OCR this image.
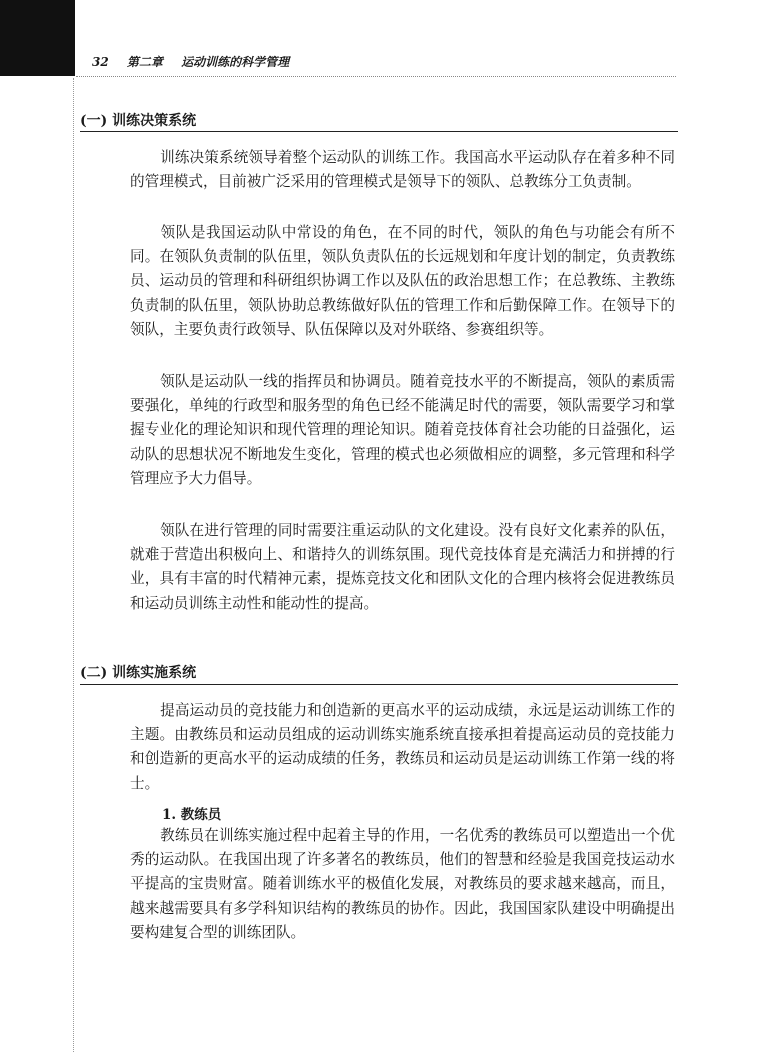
32 第二章 运动训练的科学管理
(一) 训练决策系统

训练决策系统领导着整个运动队的训练工作。我国高水平运动队存在着多种不同的管理模式，目前被广泛采用的管理模式是领导下的领队、总教练分工负责制。

领队是我国运动队中常设的角色，在不同的时代，领队的角色与功能会有所不同。在领队负责制的队伍里，领队负责队伍的长远规划和年度计划的制定，负责教练员、运动员的管理和科研组织协调工作以及队伍的政治思想工作；在总教练、主教练负责制的队伍里，领队协助总教练做好队伍的管理工作和后勤保障工作。在领导下的领队，主要负责行政领导、队伍保障以及对外联络、参赛组织等。

领队是运动队一线的指挥员和协调员。随着竞技水平的不断提高，领队的素质需要强化，单纯的行政型和服务型的角色已经不能满足时代的需要，领队需要学习和掌握专业化的理论知识和现代管理的理论知识。随着竞技体育社会功能的日益强化，运动队的思想状况不断地发生变化，管理的模式也必须做相应的调整，多元管理和科学管理应予大力倡导。

领队在进行管理的同时需要注重运动队的文化建设。没有良好文化素养的队伍，就难于营造出积极向上、和谐持久的训练氛围。现代竞技体育是充满活力和拼搏的行业，具有丰富的时代精神元素，提炼竞技文化和团队文化的合理内核将会促进教练员和运动员训练主动性和能动性的提高。

(二) 训练实施系统

提高运动员的竞技能力和创造新的更高水平的运动成绩，永远是运动训练工作的主题。由教练员和运动员组成的运动训练实施系统直接承担着提高运动员的竞技能力和创造新的更高水平的运动成绩的任务，教练员和运动员是运动训练工作第一线的将士。

1. 教练员

教练员在训练实施过程中起着主导的作用，一名优秀的教练员可以塑造出一个优秀的运动队。在我国出现了许多著名的教练员，他们的智慧和经验是我国竞技运动水平提高的宝贵财富。随着训练水平的极值化发展，对教练员的要求越来越高，而且，越来越需要具有多学科知识结构的教练员的协作。因此，我国国家队建设中明确提出要构建复合型的训练团队。
